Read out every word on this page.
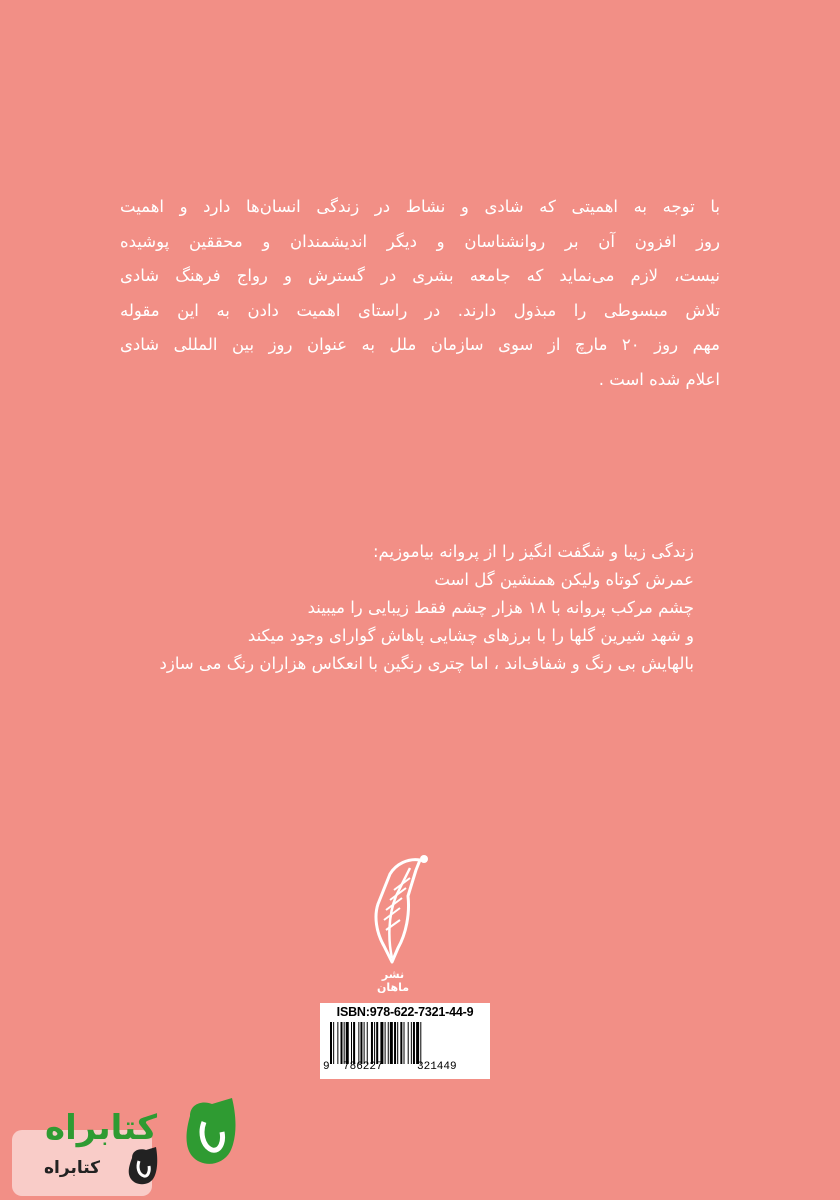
با توجه به اهمیتی که شادی و نشاط در زندگی انسان‌ها دارد و اهمیت
روز افزون آن بر روانشناسان و دیگر اندیشمندان و محققین پوشیده
نیست، لازم می‌نماید که جامعه بشری در گسترش و رواج فرهنگ شادی
تلاش مبسوطی را مبذول دارند. در راستای اهمیت دادن به این مقوله
مهم روز ۲۰ مارچ از سوی سازمان ملل به عنوان روز بین المللی شادی
اعلام شده است .
زندگی زیبا و شگفت انگیز را از پروانه بیاموزیم:
عمرش کوتاه ولیکن همنشین گل است
چشم مرکب پروانه با ۱۸ هزار چشم فقط زیبایی را میبیند
و شهد شیرین گلها را با برزهای چشایی پاهاش گوارای وجود میکند
بالهایش بی رنگ و شفاف‌اند ، اما چتری رنگین با انعکاس هزاران رنگ می سازد
نشر
ماهان
ISBN:978-622-7321-44-9
9 786227	321449
کتابراه
کتابراه
